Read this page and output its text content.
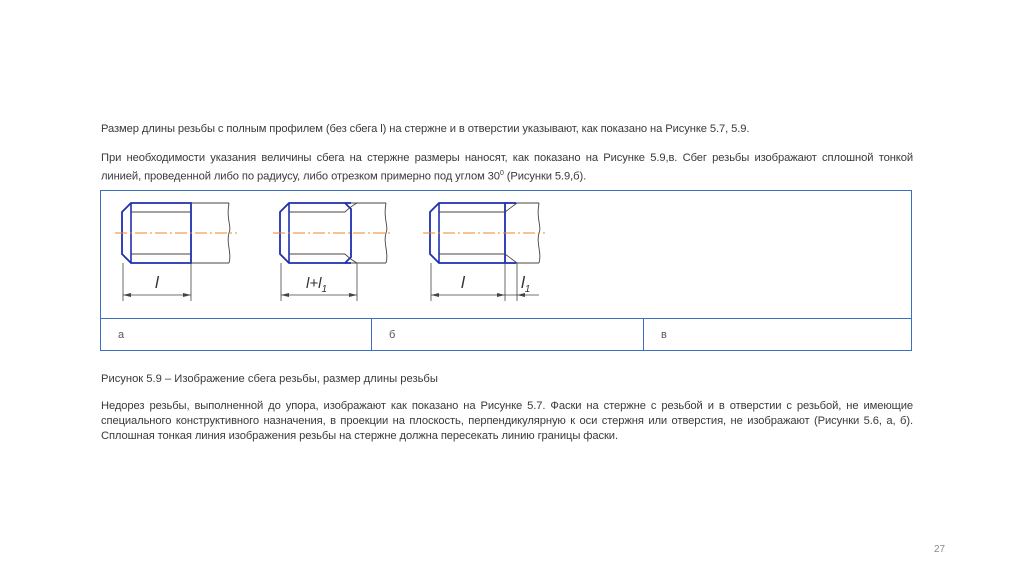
Размер длины резьбы с полным профилем (без сбега l) на стержне и в отверстии указывают, как показано на Рисунке 5.7, 5.9.

При необходимости указания величины сбега на стержне размеры наносят, как показано на Рисунке 5.9,в. Сбег резьбы изображают сплошной тонкой линией, проведенной либо по радиусу, либо отрезком примерно под углом $30^0$ (Рисунки 5.9,б).

l	$l+l_1$	l	$l_1$
а	б	в

Рисунок 5.9 – Изображение сбега резьбы, размер длины резьбы

Недорез резьбы, выполненной до упора, изображают как показано на Рисунке 5.7. Фаски на стержне с резьбой и в отверстии с резьбой, не имеющие специального конструктивного назначения, в проекции на плоскость, перпендикулярную к оси стержня или отверстия, не изображают (Рисунки 5.6, а, б). Сплошная тонкая линия изображения резьбы на стержне должна пересекать линию границы фаски.

27
